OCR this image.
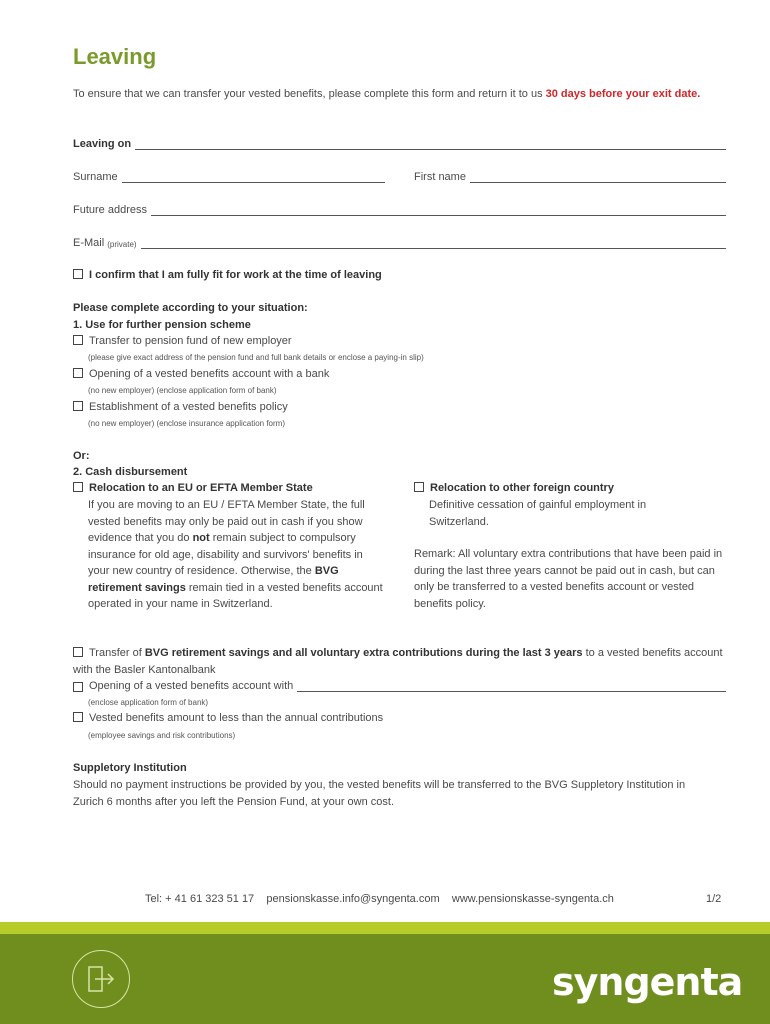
Leaving
To ensure that we can transfer your vested benefits, please complete this form and return it to us 30 days before your exit date.
Leaving on
Surname	First name
Future address
E-Mail
(private)
I confirm that I am fully fit for work at the time of leaving
Please complete according to your situation:
1. Use for further pension scheme
Transfer to pension fund of new employer
(please give exact address of the pension fund and full bank details or enclose a paying-in slip)
Opening of a vested benefits account with a bank
(no new employer) (enclose application form of bank)
Establishment of a vested benefits policy
(no new employer) (enclose insurance application form)
Or:
2. Cash disbursement
Relocation to an EU or EFTA Member State
If you are moving to an EU / EFTA Member State, the full vested benefits may only be paid out in cash if you show evidence that you do not remain subject to compulsory insurance for old age, disability and survivors' benefits in your new country of residence. Otherwise, the BVG retirement savings remain tied in a vested benefits account operated in your name in Switzerland.
Relocation to other foreign country
Definitive cessation of gainful employment in Switzerland.
Remark: All voluntary extra contributions that have been paid in during the last three years cannot be paid out in cash, but can only be transferred to a vested benefits account or vested benefits policy.
Transfer of BVG retirement savings and all voluntary extra contributions during the last 3 years to a vested benefits account with the Basler Kantonalbank
Opening of a vested benefits account with
(enclose application form of bank)
Vested benefits amount to less than the annual contributions
(employee savings and risk contributions)
Suppletory Institution
Should no payment instructions be provided by you, the vested benefits will be transferred to the BVG Suppletory Institution in Zurich 6 months after you left the Pension Fund, at your own cost.
Tel: + 41 61 323 51 17 pensionskasse.info@syngenta.com www.pensionskasse-syngenta.ch	1/2
syngenta
